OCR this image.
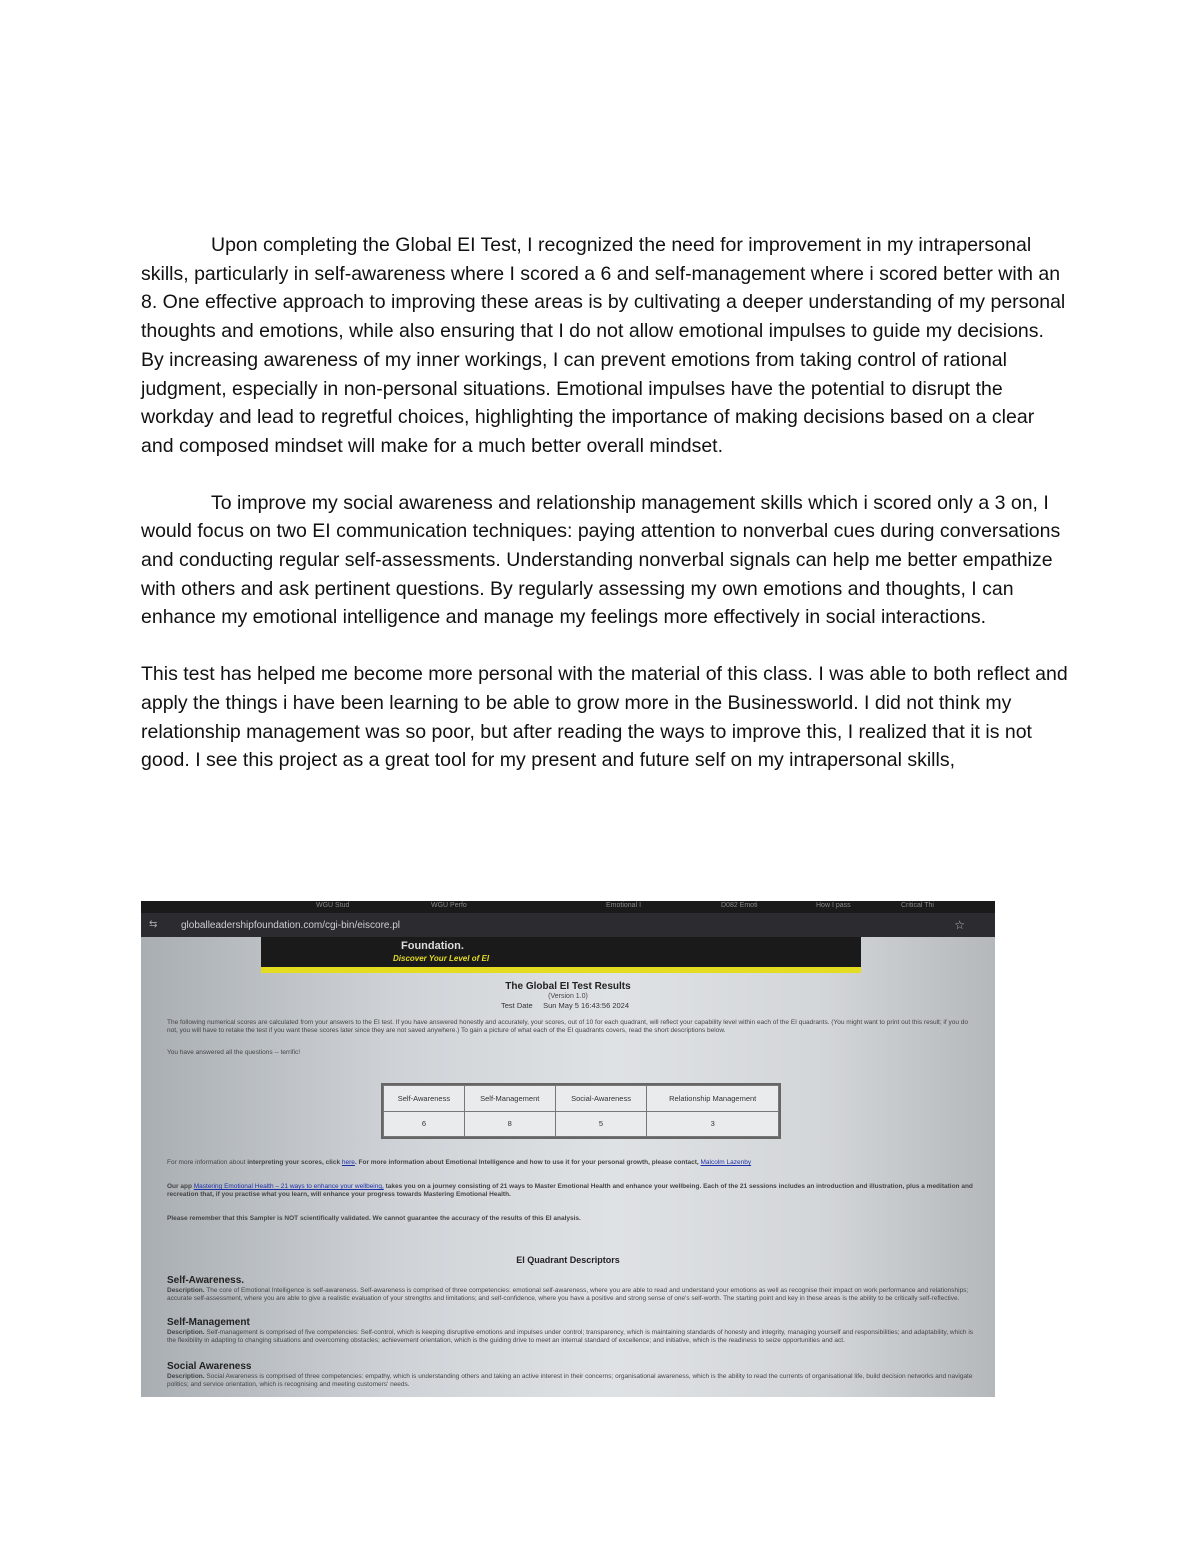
Upon completing the Global EI Test, I recognized the need for improvement in my intrapersonal skills, particularly in self-awareness where I scored a 6 and self-management where i scored better with an 8. One effective approach to improving these areas is by cultivating a deeper understanding of my personal thoughts and emotions, while also ensuring that I do not allow emotional impulses to guide my decisions. By increasing awareness of my inner workings, I can prevent emotions from taking control of rational judgment, especially in non-personal situations. Emotional impulses have the potential to disrupt the workday and lead to regretful choices, highlighting the importance of making decisions based on a clear and composed mindset will make for a much better overall mindset.

To improve my social awareness and relationship management skills which i scored only a 3 on, I would focus on two EI communication techniques: paying attention to nonverbal cues during conversations and conducting regular self-assessments. Understanding nonverbal signals can help me better empathize with others and ask pertinent questions. By regularly assessing my own emotions and thoughts, I can enhance my emotional intelligence and manage my feelings more effectively in social interactions.

This test has helped me become more personal with the material of this class. I was able to both reflect and apply the things i have been learning to be able to grow more in the Businessworld. I did not think my relationship management was so poor, but after reading the ways to improve this, I realized that it is not good. I see this project as a great tool for my present and future self on my intrapersonal skills,

WGU Stud	WGU Perfo	Emotional I	D082 Emoti	How I pass	Critical Thi
⇆ globalleadershipfoundation.com/cgi-bin/eiscore.pl	☆
Foundation.
Discover Your Level of EI
The Global EI Test Results
(Version 1.0)
Test Date Sun May 5 16:43:56 2024
The following numerical scores are calculated from your answers to the EI test. If you have answered honestly and accurately, your scores, out of 10 for each quadrant, will reflect your capability level within each of the EI quadrants. (You might want to print out this result; if you do not, you will have to retake the test if you want these scores later since they are not saved anywhere.) To gain a picture of what each of the EI quadrants covers, read the short descriptions below.
You have answered all the questions -- terrific!
Self-Awareness	Self-Management	Social-Awareness	Relationship Management
6	8	5	3
For more information about interpreting your scores, click here. For more information about Emotional Intelligence and how to use it for your personal growth, please contact, Malcolm Lazenby
Our app Mastering Emotional Health – 21 ways to enhance your wellbeing, takes you on a journey consisting of 21 ways to Master Emotional Health and enhance your wellbeing. Each of the 21 sessions includes an introduction and illustration, plus a meditation and recreation that, if you practise what you learn, will enhance your progress towards Mastering Emotional Health.
Please remember that this Sampler is NOT scientifically validated. We cannot guarantee the accuracy of the results of this EI analysis.
EI Quadrant Descriptors
Self-Awareness.
Description. The core of Emotional Intelligence is self-awareness. Self-awareness is comprised of three competencies: emotional self-awareness, where you are able to read and understand your emotions as well as recognise their impact on work performance and relationships; accurate self-assessment, where you are able to give a realistic evaluation of your strengths and limitations; and self-confidence, where you have a positive and strong sense of one's self-worth. The starting point and key in these areas is the ability to be critically self-reflective.
Self-Management
Description. Self-management is comprised of five competencies: Self-control, which is keeping disruptive emotions and impulses under control; transparency, which is maintaining standards of honesty and integrity, managing yourself and responsibilities; and adaptability, which is the flexibility in adapting to changing situations and overcoming obstacles; achievement orientation, which is the guiding drive to meet an internal standard of excellence; and initiative, which is the readiness to seize opportunities and act.
Social Awareness
Description. Social Awareness is comprised of three competencies: empathy, which is understanding others and taking an active interest in their concerns; organisational awareness, which is the ability to read the currents of organisational life, build decision networks and navigate politics; and service orientation, which is recognising and meeting customers' needs.
